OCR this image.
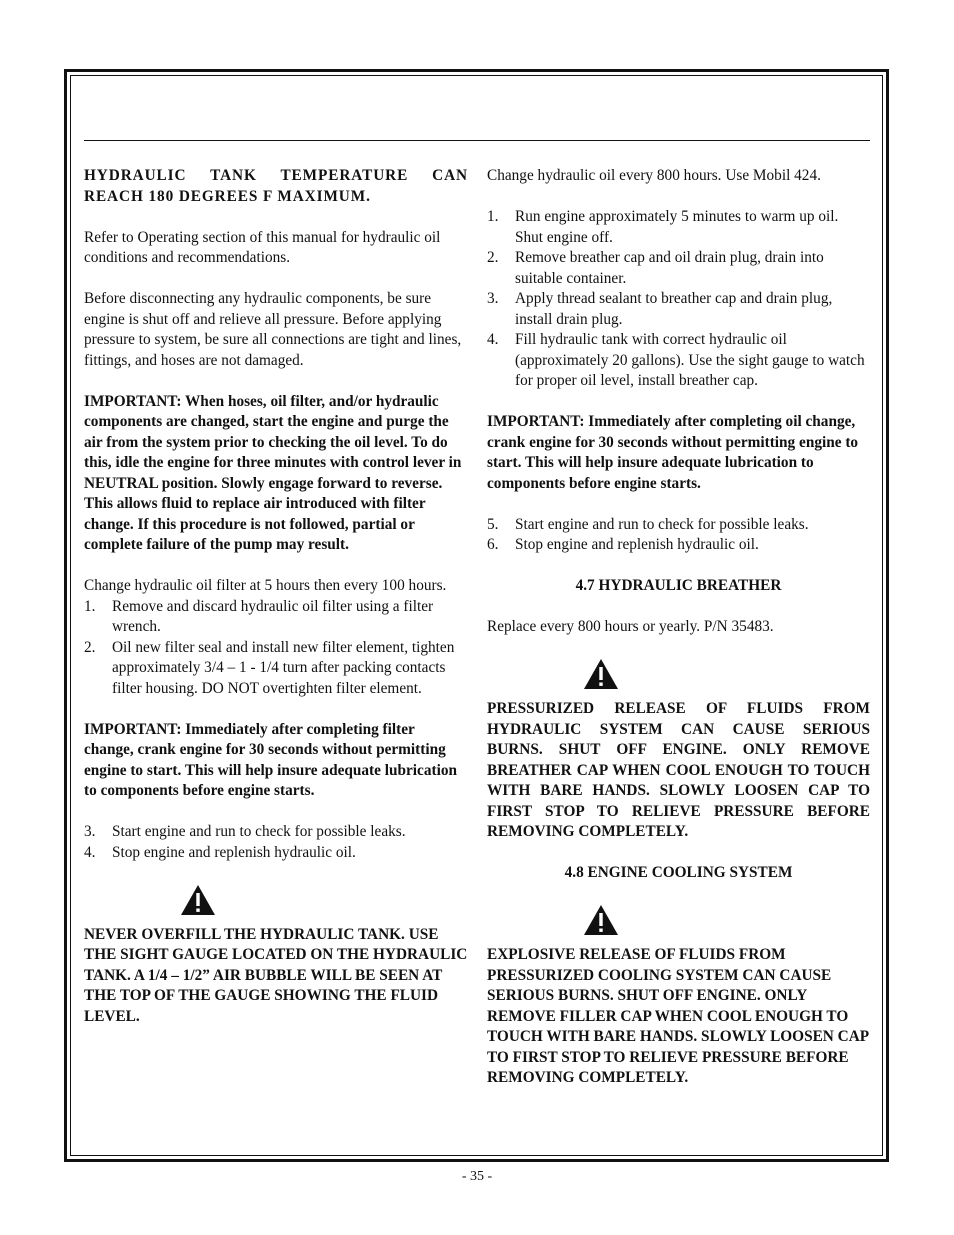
HYDRAULIC TANK TEMPERATURE CAN REACH 180 DEGREES F MAXIMUM.

Refer to Operating section of this manual for hydraulic oil conditions and recommendations.

Before disconnecting any hydraulic components, be sure engine is shut off and relieve all pressure. Before applying pressure to system, be sure all connections are tight and lines, fittings, and hoses are not damaged.

IMPORTANT: When hoses, oil filter, and/or hydraulic components are changed, start the engine and purge the air from the system prior to checking the oil level. To do this, idle the engine for three minutes with control lever in NEUTRAL position. Slowly engage forward to reverse. This allows fluid to replace air introduced with filter change. If this procedure is not followed, partial or complete failure of the pump may result.

Change hydraulic oil filter at 5 hours then every 100 hours.

1. Remove and discard hydraulic oil filter using a filter wrench.
2. Oil new filter seal and install new filter element, tighten approximately 3/4 – 1 - 1/4 turn after packing contacts filter housing. DO NOT overtighten filter element.

IMPORTANT: Immediately after completing filter change, crank engine for 30 seconds without permitting engine to start. This will help insure adequate lubrication to components before engine starts.

3. Start engine and run to check for possible leaks.
4. Stop engine and replenish hydraulic oil.

NEVER OVERFILL THE HYDRAULIC TANK. USE THE SIGHT GAUGE LOCATED ON THE HYDRAULIC TANK. A 1/4 – 1/2” AIR BUBBLE WILL BE SEEN AT THE TOP OF THE GAUGE SHOWING THE FLUID LEVEL.

Change hydraulic oil every 800 hours. Use Mobil 424.

1. Run engine approximately 5 minutes to warm up oil. Shut engine off.
2. Remove breather cap and oil drain plug, drain into suitable container.
3. Apply thread sealant to breather cap and drain plug, install drain plug.
4. Fill hydraulic tank with correct hydraulic oil (approximately 20 gallons). Use the sight gauge to watch for proper oil level, install breather cap.

IMPORTANT: Immediately after completing oil change, crank engine for 30 seconds without permitting engine to start. This will help insure adequate lubrication to components before engine starts.

5. Start engine and run to check for possible leaks.
6. Stop engine and replenish hydraulic oil.

4.7 HYDRAULIC BREATHER

Replace every 800 hours or yearly. P/N 35483.

PRESSURIZED RELEASE OF FLUIDS FROM HYDRAULIC SYSTEM CAN CAUSE SERIOUS BURNS. SHUT OFF ENGINE. ONLY REMOVE BREATHER CAP WHEN COOL ENOUGH TO TOUCH WITH BARE HANDS. SLOWLY LOOSEN CAP TO FIRST STOP TO RELIEVE PRESSURE BEFORE REMOVING COMPLETELY.

4.8 ENGINE COOLING SYSTEM

EXPLOSIVE RELEASE OF FLUIDS FROM PRESSURIZED COOLING SYSTEM CAN CAUSE SERIOUS BURNS. SHUT OFF ENGINE. ONLY REMOVE FILLER CAP WHEN COOL ENOUGH TO TOUCH WITH BARE HANDS. SLOWLY LOOSEN CAP TO FIRST STOP TO RELIEVE PRESSURE BEFORE REMOVING COMPLETELY.

- 35 -
